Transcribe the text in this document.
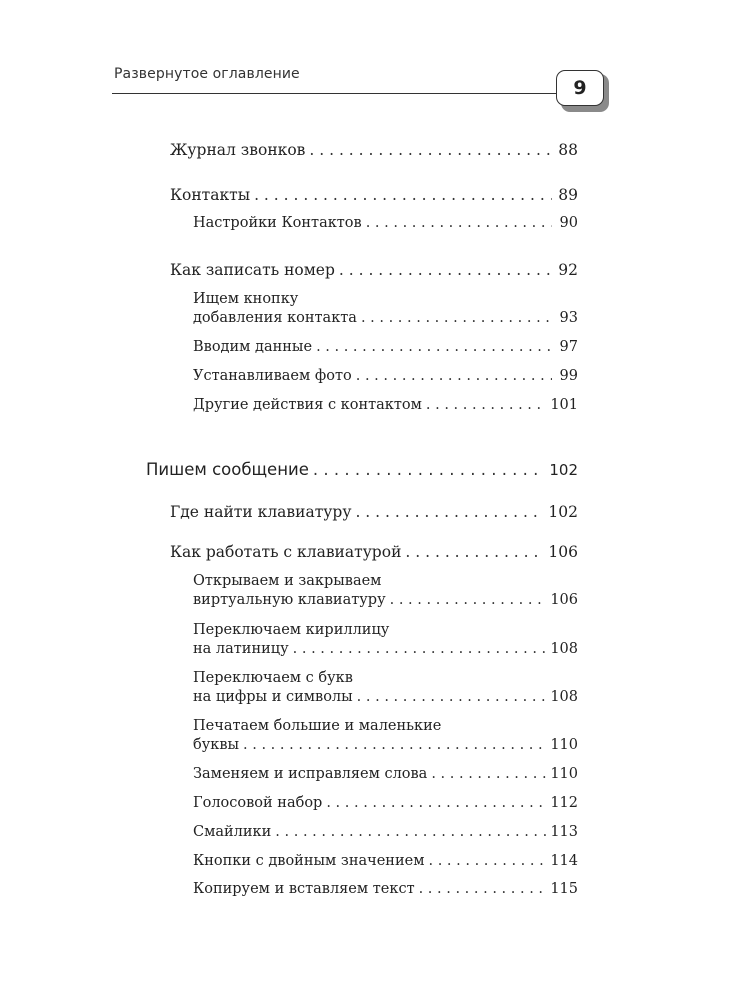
Развернутое оглавление
9
Журнал звонков . . .	88
Контакты . . .	89
Настройки Контактов . . .	90
Как записать номер . . .	92
Ищем кнопку
добавления контакта . . .	93
Вводим данные . . .	97
Устанавливаем фото . . .	99
Другие действия с контактом . . .	101
Пишем сообщение . . .	102
Где найти клавиатуру . . .	102
Как работать с клавиатурой . . .	106
Открываем и закрываем
виртуальную клавиатуру . . .	106
Переключаем кириллицу
на латиницу . . .	108
Переключаем с букв
на цифры и символы . . .	108
Печатаем большие и маленькие
буквы . . .	110
Заменяем и исправляем слова . . .	110
Голосовой набор . . .	112
Смайлики . . .	113
Кнопки с двойным значением . . .	114
Копируем и вставляем текст . . .	115
